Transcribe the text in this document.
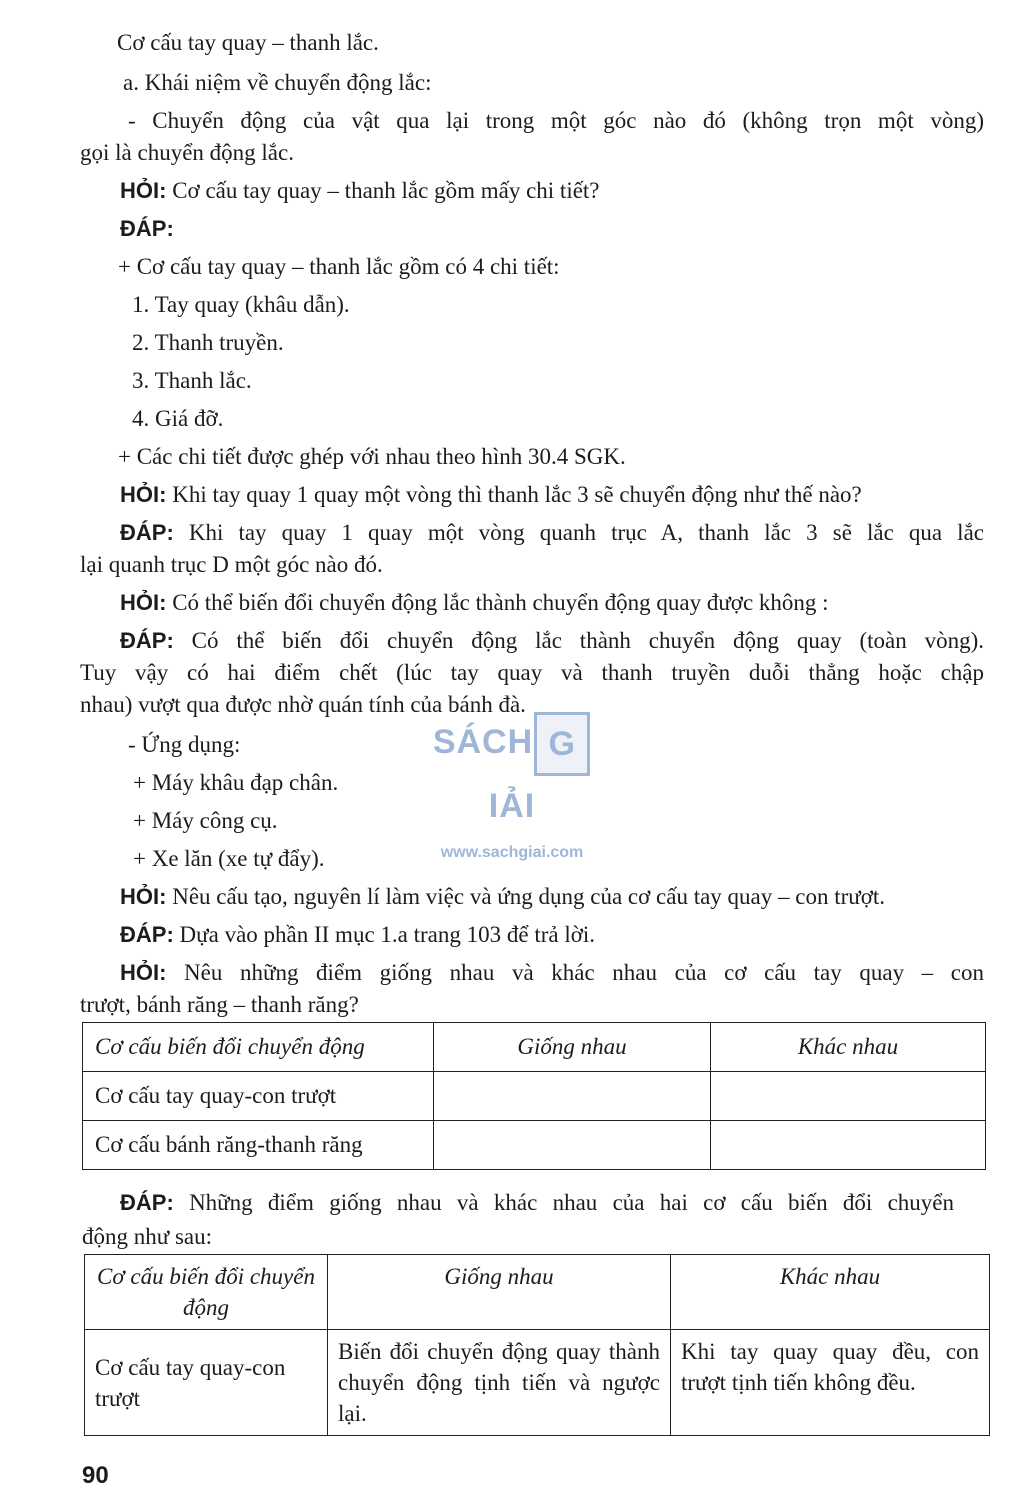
Cơ cấu tay quay – thanh lắc.
a. Khái niệm về chuyển động lắc:
- Chuyển động của vật qua lại trong một góc nào đó (không trọn một vòng)
gọi là chuyển động lắc.
HỎI: Cơ cấu tay quay – thanh lắc gồm mấy chi tiết?
ĐÁP:
+ Cơ cấu tay quay – thanh lắc gồm có 4 chi tiết:
1. Tay quay (khâu dẫn).
2. Thanh truyền.
3. Thanh lắc.
4. Giá đỡ.
+ Các chi tiết được ghép với nhau theo hình 30.4 SGK.
HỎI: Khi tay quay 1 quay một vòng thì thanh lắc 3 sẽ chuyển động như thế nào?
ĐÁP: Khi tay quay 1 quay một vòng quanh trục A, thanh lắc 3 sẽ lắc qua lắc
lại quanh trục D một góc nào đó.
HỎI: Có thể biến đổi chuyển động lắc thành chuyển động quay được không :
ĐÁP: Có thể biến đổi chuyển động lắc thành chuyển động quay (toàn vòng).
Tuy vậy có hai điểm chết (lúc tay quay và thanh truyền duỗi thẳng hoặc chập
nhau) vượt qua được nhờ quán tính của bánh đà.
- Ứng dụng:
+ Máy khâu đạp chân.
+ Máy công cụ.
+ Xe lăn (xe tự đẩy).
HỎI: Nêu cấu tạo, nguyên lí làm việc và ứng dụng của cơ cấu tay quay – con trượt.
ĐÁP: Dựa vào phần II mục 1.a trang 103 để trả lời.
HỎI: Nêu những điểm giống nhau và khác nhau của cơ cấu tay quay – con
trượt, bánh răng – thanh răng?
Cơ cấu biến đổi chuyển động	Giống nhau	Khác nhau
Cơ cấu tay quay-con trượt		
Cơ cấu bánh răng-thanh răng		
ĐÁP: Những điểm giống nhau và khác nhau của hai cơ cấu biến đổi chuyển
động như sau:
Cơ cấu biến đổi chuyển động	Giống nhau	Khác nhau
Cơ cấu tay quay-con trượt	Biến đổi chuyển động quay thành chuyển động tịnh tiến và ngược lại.	Khi tay quay quay đều, con trượt tịnh tiến không đều.
SÁCH GIẢI
www.sachgiai.com
90
